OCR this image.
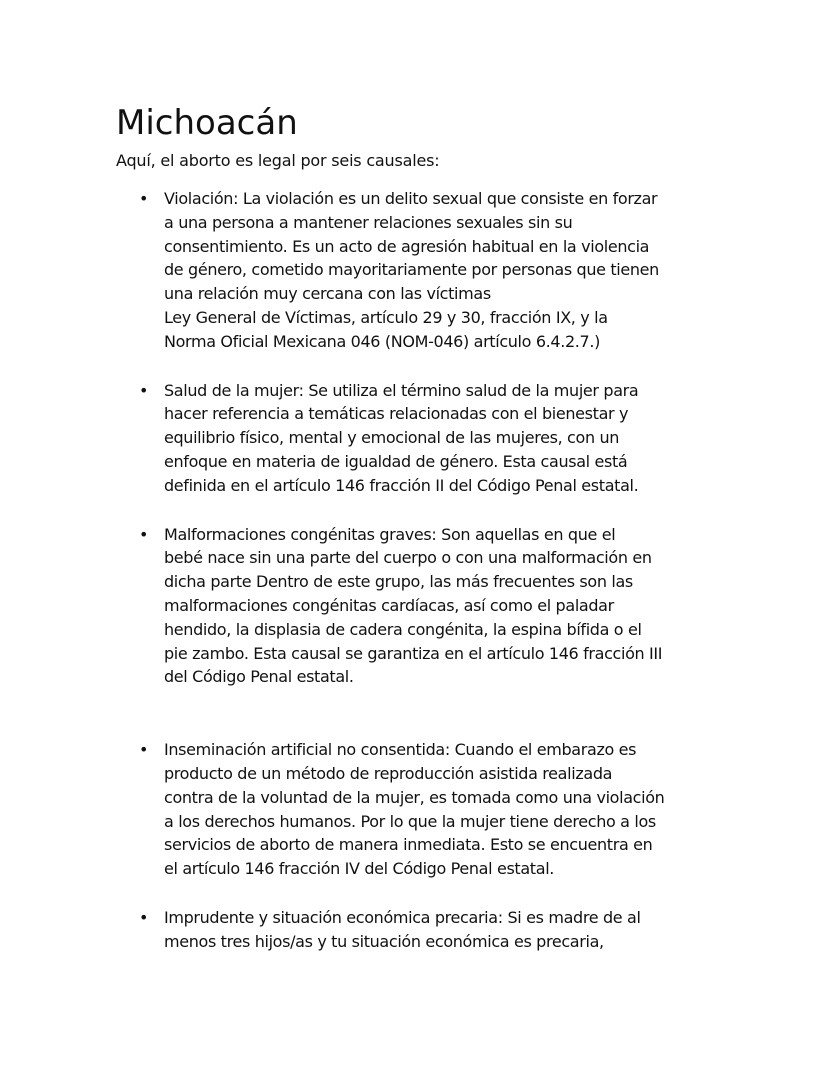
Michoacán

Aquí, el aborto es legal por seis causales:

• Violación: La violación es un delito sexual que consiste en forzar
a una persona a mantener relaciones sexuales sin su
consentimiento. Es un acto de agresión habitual en la violencia
de género, cometido mayoritariamente por personas que tienen
una relación muy cercana con las víctimas
Ley General de Víctimas, artículo 29 y 30, fracción IX, y la
Norma Oficial Mexicana 046 (NOM-046) artículo 6.4.2.7.)

• Salud de la mujer: Se utiliza el término salud de la mujer para
hacer referencia a temáticas relacionadas con el bienestar y
equilibrio físico, mental y emocional de las mujeres, con un
enfoque en materia de igualdad de género. Esta causal está
definida en el artículo 146 fracción II del Código Penal estatal.

• Malformaciones congénitas graves: Son aquellas en que el
bebé nace sin una parte del cuerpo o con una malformación en
dicha parte Dentro de este grupo, las más frecuentes son las
malformaciones congénitas cardíacas, así como el paladar
hendido, la displasia de cadera congénita, la espina bífida o el
pie zambo. Esta causal se garantiza en el artículo 146 fracción III
del Código Penal estatal.

• Inseminación artificial no consentida: Cuando el embarazo es
producto de un método de reproducción asistida realizada
contra de la voluntad de la mujer, es tomada como una violación
a los derechos humanos. Por lo que la mujer tiene derecho a los
servicios de aborto de manera inmediata. Esto se encuentra en
el artículo 146 fracción IV del Código Penal estatal.

• Imprudente y situación económica precaria: Si es madre de al
menos tres hijos/as y tu situación económica es precaria,
